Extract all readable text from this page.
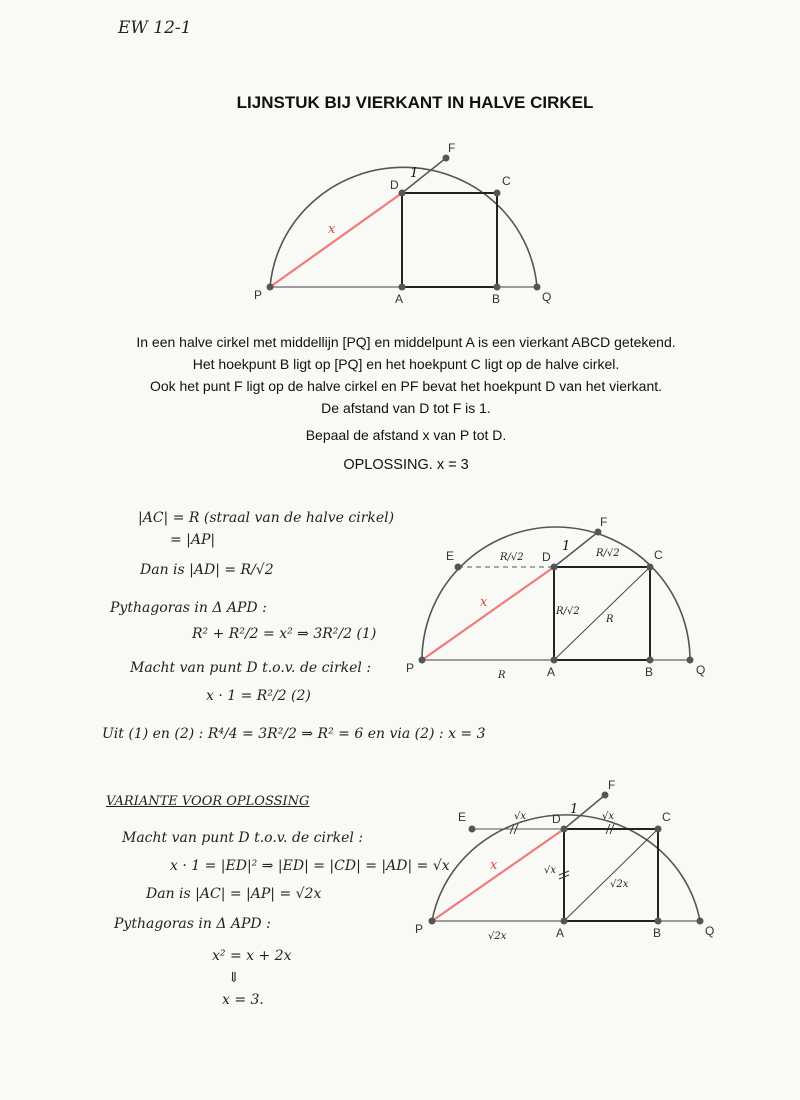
EW 12-1
LIJNSTUK BIJ VIERKANT IN HALVE CIRKEL
P	A	B	Q
D	C
F
1
x

In een halve cirkel met middellijn [PQ] en middelpunt A is een vierkant ABCD getekend.

Het hoekpunt B ligt op [PQ] en het hoekpunt C ligt op de halve cirkel.

Ook het punt F ligt op de halve cirkel en PF bevat het hoekpunt D van het vierkant.

De afstand van D tot F is 1.

Bepaal de afstand x van P tot D.
OPLOSSING. x = 3
|AC| = R (straal van de halve cirkel)
= |AP|
Dan is |AD| = R/√2
Pythagoras in Δ APD :
R² + R²/2 = x² ⇒ 3R²/2 (1)
Macht van punt D t.o.v. de cirkel :
x · 1 = R²/2 (2)
Uit (1) en (2) : R⁴/4 = 3R²/2 ⇒ R² = 6 en via (2) : x = 3
P	A	B	Q
D	C
F
E
1
x
R/√2	R/√2
R/√2
R
R
VARIANTE VOOR OPLOSSING
Macht van punt D t.o.v. de cirkel :
x · 1 = |ED|² ⇒ |ED| = |CD| = |AD| = √x
Dan is |AC| = |AP| = √2x
Pythagoras in Δ APD :
x² = x + 2x
⇓
x = 3.
P	A	B	Q
D	C
F
E	1
x
√x	√x
√x
√2x
√2x
